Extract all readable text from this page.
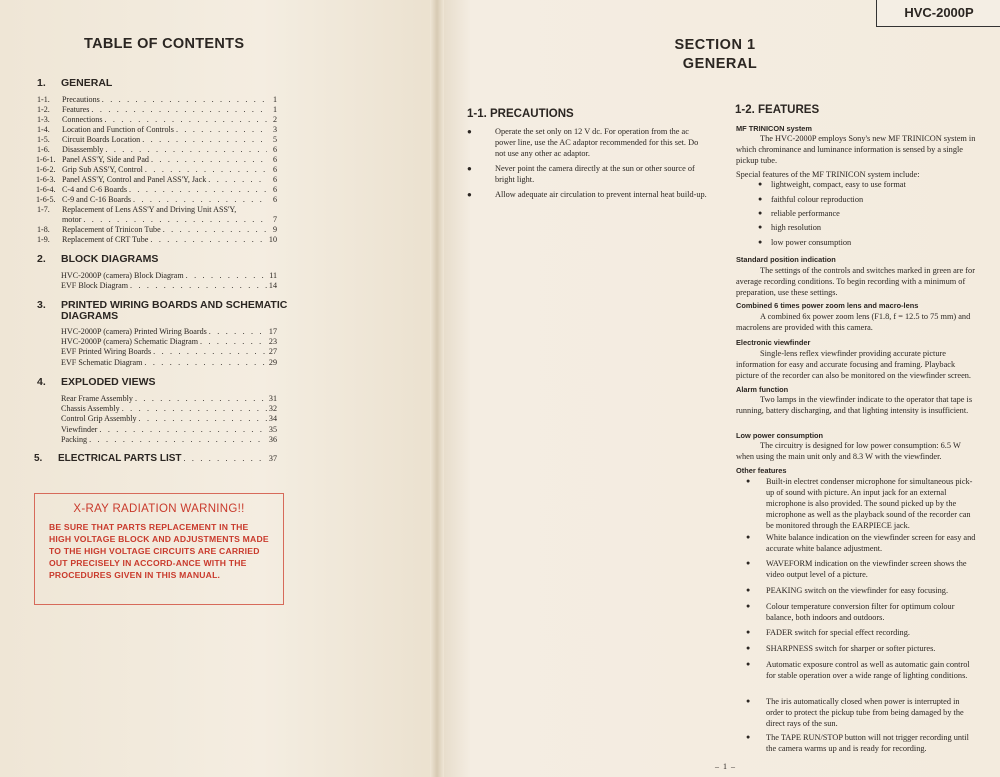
TABLE OF CONTENTS
1. GENERAL
1-1.	Precautions . . .	1
1-2.	Features . . .	1
1-3.	Connections . . .	2
1-4.	Location and Function of Controls . . .	3
1-5.	Circuit Boards Location . . .	5
1-6.	Disassembly . . .	6
1-6-1. Panel ASS'Y, Side and Pad . . .	6
1-6-2. Grip Sub ASS'Y, Control . . .	6
1-6-3. Panel ASS'Y, Control and Panel ASS'Y, Jack . . .	6
1-6-4. C-4 and C-6 Boards . . .	6
1-6-5. C-9 and C-16 Boards . . .	6
1-7.	Replacement of Lens ASS'Y and Driving Unit ASS'Y,
motor . . .	7
1-8.	Replacement of Trinicon Tube . . .	9
1-9.	Replacement of CRT Tube . . .	10
2. BLOCK DIAGRAMS
HVC-2000P (camera) Block Diagram . . .	11
EVF Block Diagram . . .	14
3. PRINTED WIRING BOARDS AND SCHEMATIC
DIAGRAMS
HVC-2000P (camera) Printed Wiring Boards . . .	17
HVC-2000P (camera) Schematic Diagram . . .	23
EVF Printed Wiring Boards . . .	27
EVF Schematic Diagram . . .	29
4. EXPLODED VIEWS
Rear Frame Assembly . . .	31
Chassis Assembly . . .	32
Control Grip Assembly . . .	34
Viewfinder . . .	35
Packing . . .	36
5.	ELECTRICAL PARTS LIST . . .	37
X-RAY RADIATION WARNING!!
BE SURE THAT PARTS REPLACEMENT IN THE HIGH VOLTAGE BLOCK AND ADJUSTMENTS MADE TO THE HIGH VOLTAGE CIRCUITS ARE CARRIED OUT PRECISELY IN ACCORD-ANCE WITH THE PROCEDURES GIVEN IN THIS MANUAL.
HVC-2000P
SECTION 1
GENERAL
1-1. PRECAUTIONS
●	Operate the set only on 12 V dc. For operation from the ac power line, use the AC adaptor recommended for this set. Do not use any other ac adaptor.
●	Never point the camera directly at the sun or other source of bright light.
●	Allow adequate air circulation to prevent internal heat build-up.
1-2. FEATURES
MF TRINICON system
The HVC-2000P employs Sony's new MF TRINICON system in which chrominance and luminance information is sensed by a single pickup tube.
Special features of the MF TRINICON system include:
● lightweight, compact, easy to use format
● faithful colour reproduction
● reliable performance
● high resolution
● low power consumption
Standard position indication
The settings of the controls and switches marked in green are for average recording conditions. To begin recording with a minimum of preparation, use these settings.
Combined 6 times power zoom lens and macro-lens
A combined 6x power zoom lens (F1.8, f = 12.5 to 75 mm) and macrolens are provided with this camera.
Electronic viewfinder
Single-lens reflex viewfinder providing accurate picture information for easy and accurate focusing and framing. Playback picture of the recorder can also be monitored on the viewfinder screen.
Alarm function
Two lamps in the viewfinder indicate to the operator that tape is running, battery discharging, and that lighting intensity is insufficient.
Low power consumption
The circuitry is designed for low power consumption: 6.5 W when using the main unit only and 8.3 W with the viewfinder.
Other features
● Built-in electret condenser microphone for simultaneous pick-up of sound with picture. An input jack for an external microphone is also provided. The sound picked up by the microphone as well as the playback sound of the recorder can be monitored through the EARPIECE jack.
● White balance indication on the viewfinder screen for easy and accurate white balance adjustment.
● WAVEFORM indication on the viewfinder screen shows the video output level of a picture.
● PEAKING switch on the viewfinder for easy focusing.
● Colour temperature conversion filter for optimum colour balance, both indoors and outdoors.
● FADER switch for special effect recording.
● SHARPNESS switch for sharper or softer pictures.
● Automatic exposure control as well as automatic gain control for stable operation over a wide range of lighting conditions.
● The iris automatically closed when power is interrupted in order to protect the pickup tube from being damaged by the direct rays of the sun.
● The TAPE RUN/STOP button will not trigger recording until the camera warms up and is ready for recording.
– 1 –
